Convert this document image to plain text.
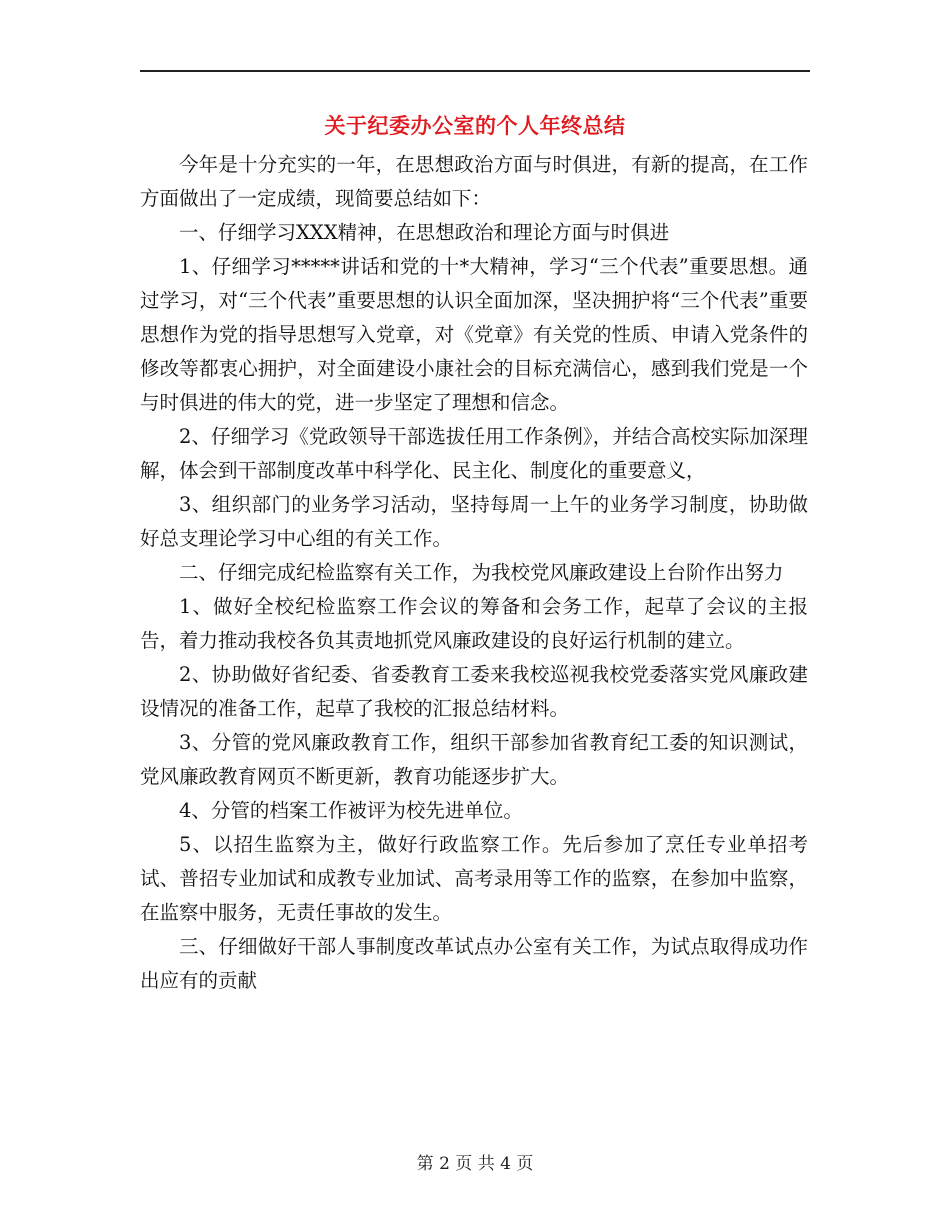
关于纪委办公室的个人年终总结

今年是十分充实的一年，在思想政治方面与时俱进，有新的提高，在工作方面做出了一定成绩，现简要总结如下：

一、仔细学习XXX精神，在思想政治和理论方面与时俱进

1、仔细学习*****讲话和党的十*大精神，学习“三个代表”重要思想。通过学习，对“三个代表”重要思想的认识全面加深，坚决拥护将“三个代表”重要思想作为党的指导思想写入党章，对《党章》有关党的性质、申请入党条件的修改等都衷心拥护，对全面建设小康社会的目标充满信心，感到我们党是一个与时俱进的伟大的党，进一步坚定了理想和信念。

2、仔细学习《党政领导干部选拔任用工作条例》，并结合高校实际加深理解，体会到干部制度改革中科学化、民主化、制度化的重要意义，

3、组织部门的业务学习活动，坚持每周一上午的业务学习制度，协助做好总支理论学习中心组的有关工作。

二、仔细完成纪检监察有关工作，为我校党风廉政建设上台阶作出努力

1、做好全校纪检监察工作会议的筹备和会务工作，起草了会议的主报告，着力推动我校各负其责地抓党风廉政建设的良好运行机制的建立。

2、协助做好省纪委、省委教育工委来我校巡视我校党委落实党风廉政建设情况的准备工作，起草了我校的汇报总结材料。

3、分管的党风廉政教育工作，组织干部参加省教育纪工委的知识测试，党风廉政教育网页不断更新，教育功能逐步扩大。

4、分管的档案工作被评为校先进单位。

5、以招生监察为主，做好行政监察工作。先后参加了烹任专业单招考试、普招专业加试和成教专业加试、高考录用等工作的监察，在参加中监察，在监察中服务，无责任事故的发生。

三、仔细做好干部人事制度改革试点办公室有关工作，为试点取得成功作出应有的贡献

第 2 页 共 4 页
